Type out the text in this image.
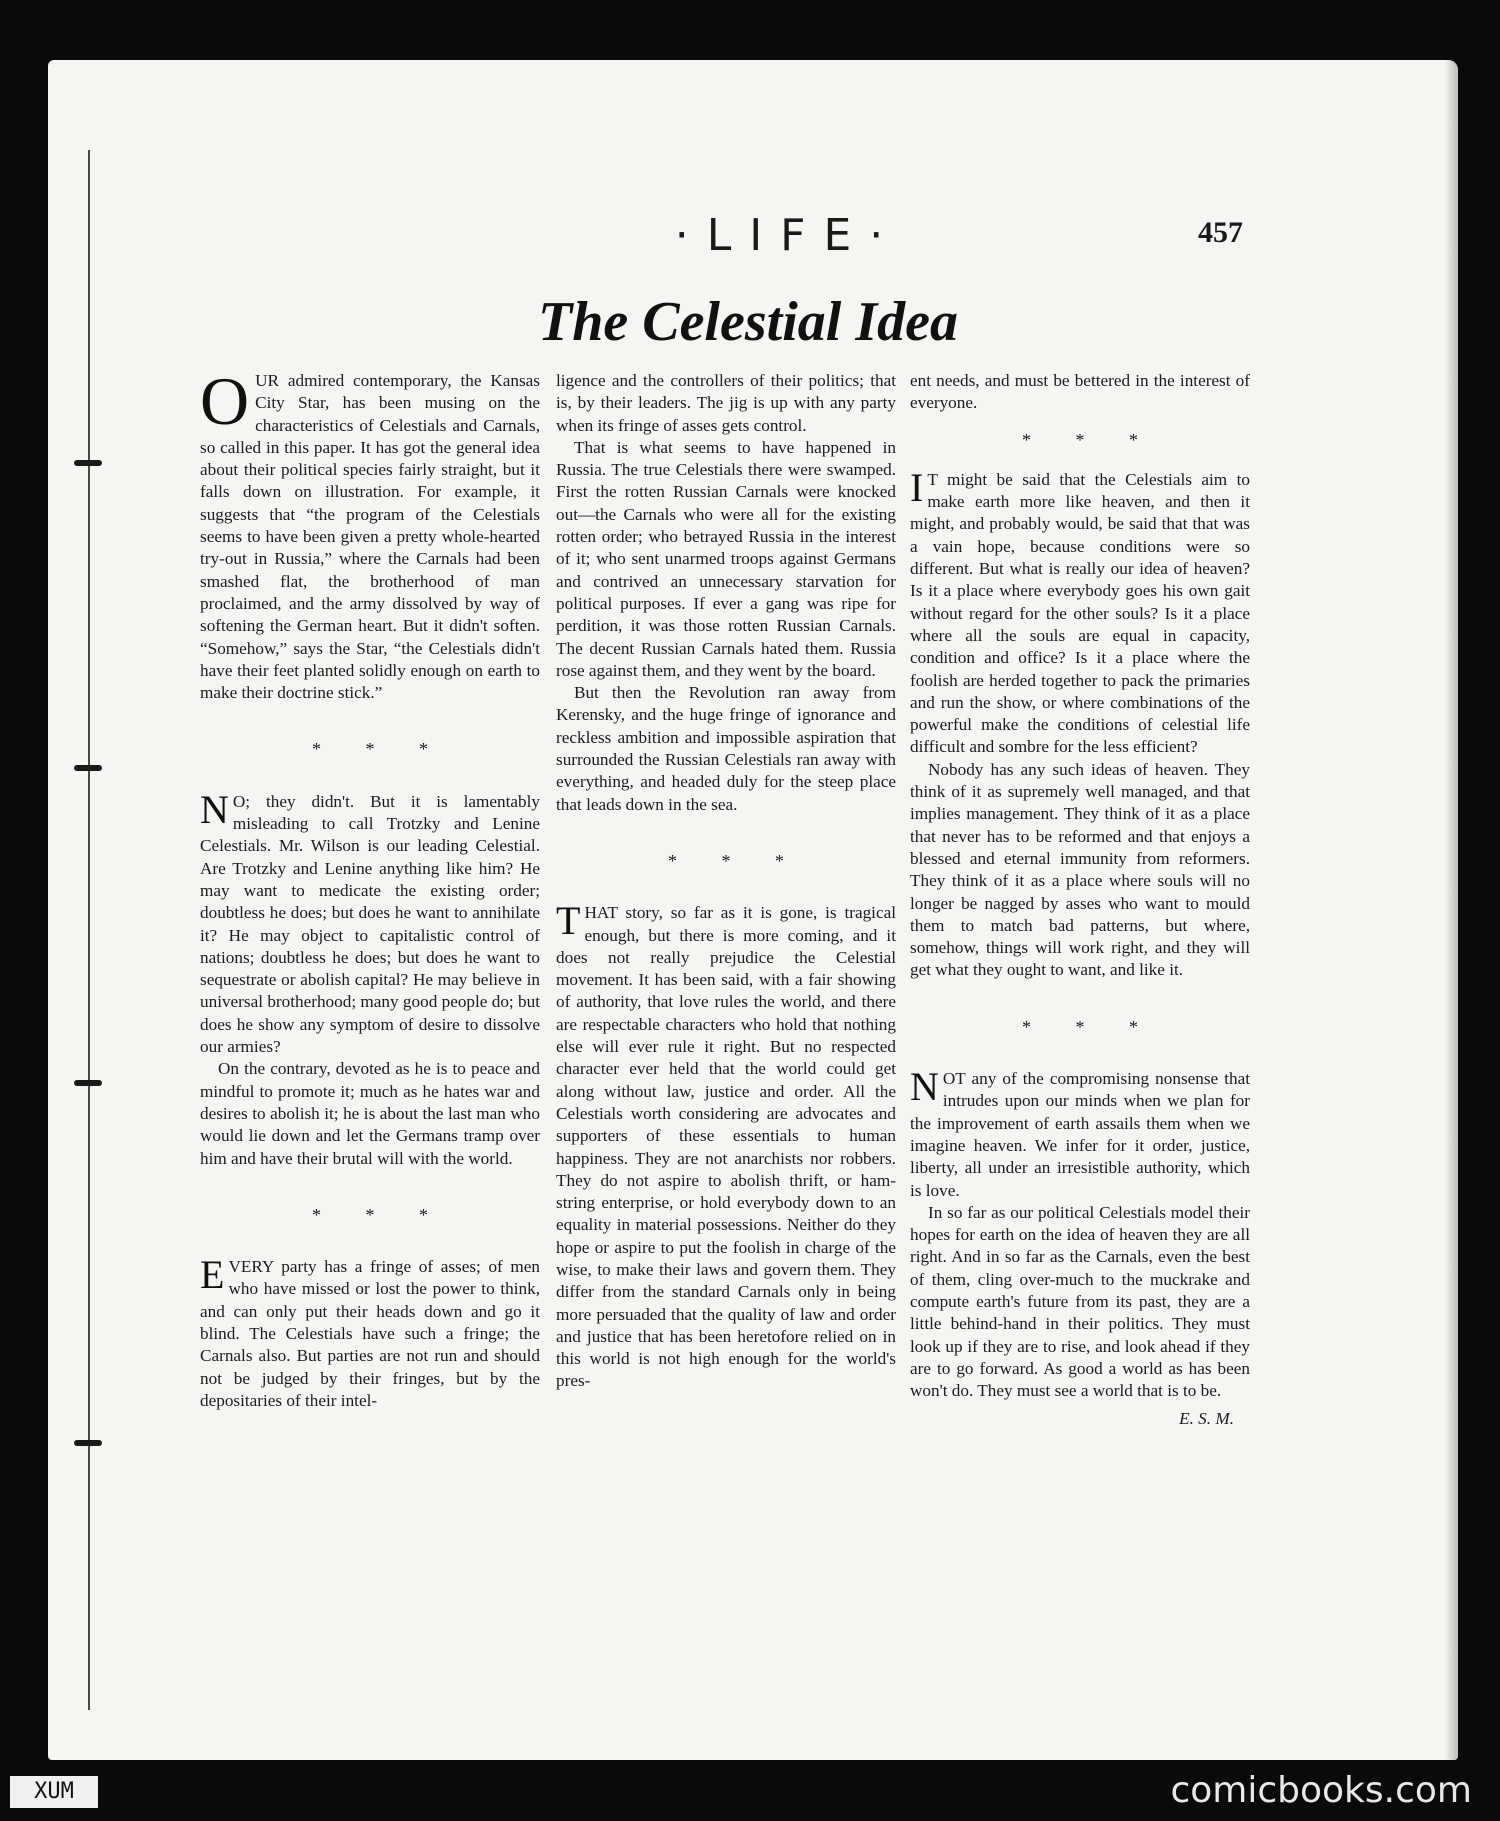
·LIFE·	457
The Celestial Idea

OUR admired contemporary, the Kansas City Star, has been musing on the characteristics of Celestials and Carnals, so called in this paper. It has got the general idea about their political species fairly straight, but it falls down on illustration. For example, it suggests that “the program of the Celestials seems to have been given a pretty whole-hearted try-out in Russia,” where the Carnals had been smashed flat, the brotherhood of man proclaimed, and the army dissolved by way of softening the German heart. But it didn't soften. “Somehow,” says the Star, “the Celestials didn't have their feet planted solidly enough on earth to make their doctrine stick.”

* * *

N O; they didn't. But it is lamentably misleading to call Trotzky and Lenine Celestials. Mr. Wilson is our leading Celestial. Are Trotzky and Lenine anything like him? He may want to medicate the existing order; doubtless he does; but does he want to annihilate it? He may object to capitalistic control of nations; doubtless he does; but does he want to sequestrate or abolish capital? He may believe in universal brotherhood; many good people do; but does he show any symptom of desire to dissolve our armies?

On the contrary, devoted as he is to peace and mindful to promote it; much as he hates war and desires to abolish it; he is about the last man who would lie down and let the Germans tramp over him and have their brutal will with the world.

* * *

EVERY party has a fringe of asses; of men who have missed or lost the power to think, and can only put their heads down and go it blind. The Celestials have such a fringe; the Carnals also. But parties are not run and should not be judged by their fringes, but by the depositaries of their intel-

ligence and the controllers of their politics; that is, by their leaders. The jig is up with any party when its fringe of asses gets control.

That is what seems to have happened in Russia. The true Celestials there were swamped. First the rotten Russian Carnals were knocked out—the Carnals who were all for the existing rotten order; who betrayed Russia in the interest of it; who sent unarmed troops against Germans and contrived an unnecessary starvation for political purposes. If ever a gang was ripe for perdition, it was those rotten Russian Carnals. The decent Russian Carnals hated them. Russia rose against them, and they went by the board.

But then the Revolution ran away from Kerensky, and the huge fringe of ignorance and reckless ambition and impossible aspiration that surrounded the Russian Celestials ran away with everything, and headed duly for the steep place that leads down in the sea.

* * *

THAT story, so far as it is gone, is tragical enough, but there is more coming, and it does not really prejudice the Celestial movement. It has been said, with a fair showing of authority, that love rules the world, and there are respectable characters who hold that nothing else will ever rule it right. But no respected character ever held that the world could get along without law, justice and order. All the Celestials worth considering are advocates and supporters of these essentials to human happiness. They are not anarchists nor robbers. They do not aspire to abolish thrift, or ham-string enterprise, or hold everybody down to an equality in material possessions. Neither do they hope or aspire to put the foolish in charge of the wise, to make their laws and govern them. They differ from the standard Carnals only in being more persuaded that the quality of law and order and justice that has been heretofore relied on in this world is not high enough for the world's pres-

ent needs, and must be bettered in the interest of everyone.

* * *

I T might be said that the Celestials aim to make earth more like heaven, and then it might, and probably would, be said that that was a vain hope, because conditions were so different. But what is really our idea of heaven? Is it a place where everybody goes his own gait without regard for the other souls? Is it a place where all the souls are equal in capacity, condition and office? Is it a place where the foolish are herded together to pack the primaries and run the show, or where combinations of the powerful make the conditions of celestial life difficult and sombre for the less efficient?

Nobody has any such ideas of heaven. They think of it as supremely well managed, and that implies management. They think of it as a place that never has to be reformed and that enjoys a blessed and eternal immunity from reformers. They think of it as a place where souls will no longer be nagged by asses who want to mould them to match bad patterns, but where, somehow, things will work right, and they will get what they ought to want, and like it.

* * *

NOT any of the compromising nonsense that intrudes upon our minds when we plan for the improvement of earth assails them when we imagine heaven. We infer for it order, justice, liberty, all under an irresistible authority, which is love.

In so far as our political Celestials model their hopes for earth on the idea of heaven they are all right. And in so far as the Carnals, even the best of them, cling over-much to the muckrake and compute earth's future from its past, they are a little behind-hand in their politics. They must look up if they are to rise, and look ahead if they are to go forward. As good a world as has been won't do. They must see a world that is to be.

E. S. M.
XUM	comicbooks.com
